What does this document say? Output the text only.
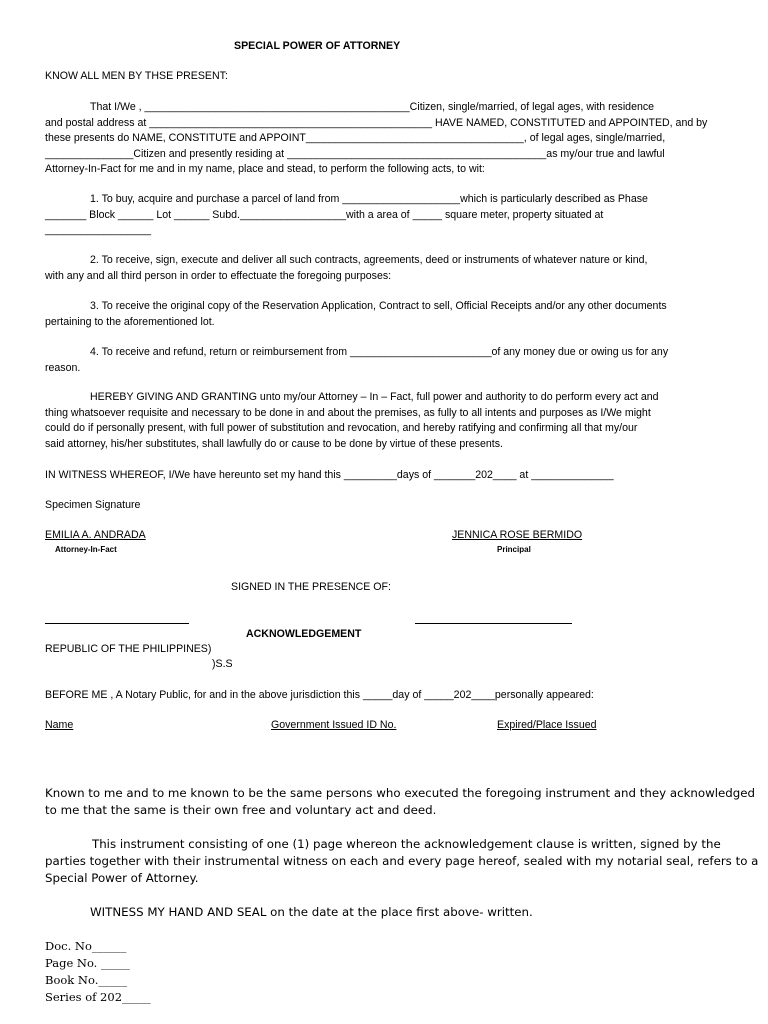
SPECIAL POWER OF ATTORNEY

KNOW ALL MEN BY THSE PRESENT:

That I/We , _____________________________________________Citizen, single/married, of legal ages, with residence

and postal address at ________________________________________________ HAVE NAMED, CONSTITUTED and APPOINTED, and by

these presents do NAME, CONSTITUTE and APPOINT_____________________________________, of legal ages, single/married,

_______________Citizen and presently residing at ____________________________________________as my/our true and lawful

Attorney-In-Fact for me and in my name, place and stead, to perform the following acts, to wit:

1. To buy, acquire and purchase a parcel of land from ____________________which is particularly described as Phase

_______ Block ______ Lot ______ Subd.__________________with a area of _____ square meter, property situated at

__________________

2. To receive, sign, execute and deliver all such contracts, agreements, deed or instruments of whatever nature or kind,

with any and all third person in order to effectuate the foregoing purposes:

3. To receive the original copy of the Reservation Application, Contract to sell, Official Receipts and/or any other documents

pertaining to the aforementioned lot.

4. To receive and refund, return or reimbursement from ________________________of any money due or owing us for any

reason.

HEREBY GIVING AND GRANTING unto my/our Attorney – In – Fact, full power and authority to do perform every act and

thing whatsoever requisite and necessary to be done in and about the premises, as fully to all intents and purposes as I/We might

could do if personally present, with full power of substitution and revocation, and hereby ratifying and confirming all that my/our

said attorney, his/her substitutes, shall lawfully do or cause to be done by virtue of these presents.

IN WITNESS WHEREOF, I/We have hereunto set my hand this _________days of _______202____ at ______________

Specimen Signature

EMILIA A. ANDRADA
Attorney-In-Fact
JENNICA ROSE BERMIDO
Principal
SIGNED IN THE PRESENCE OF:
ACKNOWLEDGEMENT
REPUBLIC OF THE PHILIPPINES)
)S.S

BEFORE ME , A Notary Public, for and in the above jurisdiction this _____day of _____202____personally appeared:

Name	Government Issued ID No.	Expired/Place Issued

Known to me and to me known to be the same persons who executed the foregoing instrument and they acknowledged

to me that the same is their own free and voluntary act and deed.

This instrument consisting of one (1) page whereon the acknowledgement clause is written, signed by the

parties together with their instrumental witness on each and every page hereof, sealed with my notarial seal, refers to a

Special Power of Attorney.

WITNESS MY HAND AND SEAL on the date at the place first above- written.

Doc. No______
Page No. _____
Book No._____
Series of 202_____
